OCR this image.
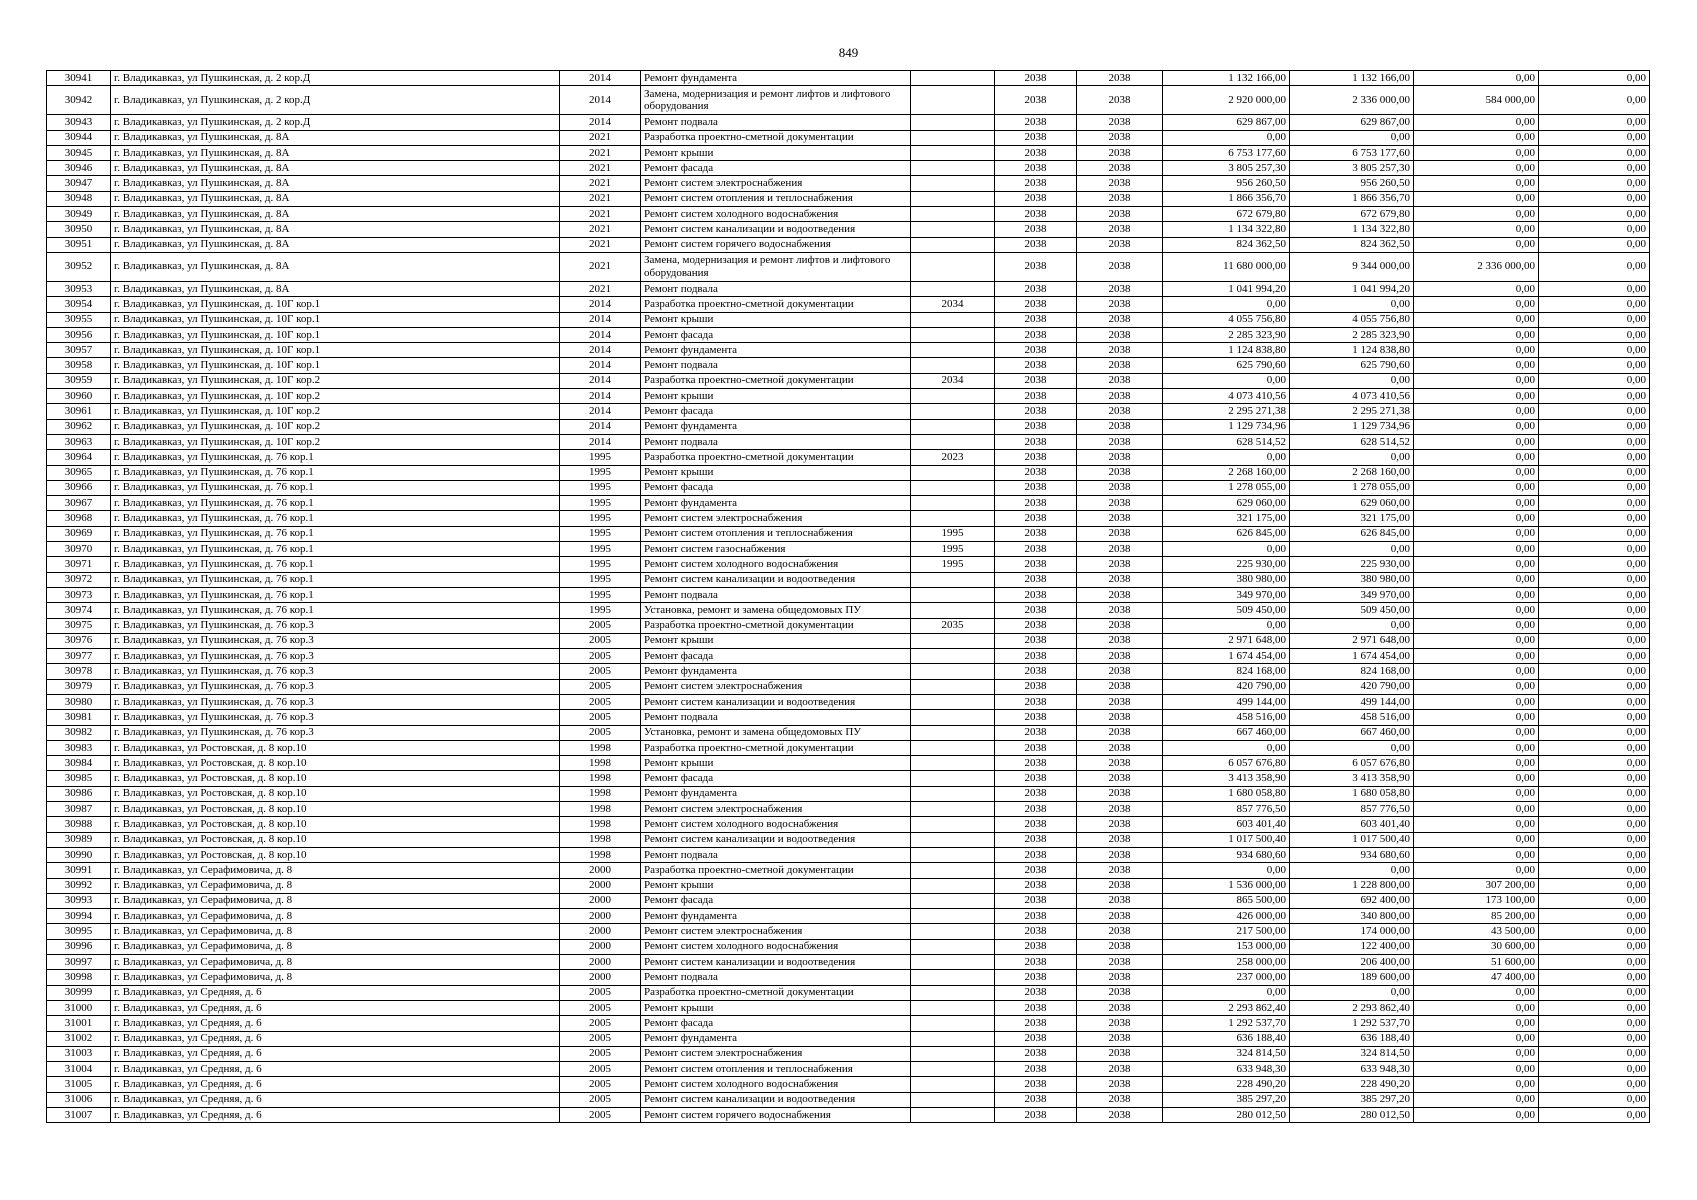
849
30941	г. Владикавказ, ул Пушкинская, д. 2 кор.Д	2014	Ремонт фундамента		2038	2038	1 132 166,00	1 132 166,00	0,00	0,00
30942	г. Владикавказ, ул Пушкинская, д. 2 кор.Д	2014	Замена, модернизация и ремонт лифтов и лифтового оборудования		2038	2038	2 920 000,00	2 336 000,00	584 000,00	0,00
30943	г. Владикавказ, ул Пушкинская, д. 2 кор.Д	2014	Ремонт подвала		2038	2038	629 867,00	629 867,00	0,00	0,00
30944	г. Владикавказ, ул Пушкинская, д. 8А	2021	Разработка проектно-сметной документации		2038	2038	0,00	0,00	0,00	0,00
30945	г. Владикавказ, ул Пушкинская, д. 8А	2021	Ремонт крыши		2038	2038	6 753 177,60	6 753 177,60	0,00	0,00
30946	г. Владикавказ, ул Пушкинская, д. 8А	2021	Ремонт фасада		2038	2038	3 805 257,30	3 805 257,30	0,00	0,00
30947	г. Владикавказ, ул Пушкинская, д. 8А	2021	Ремонт систем электроснабжения		2038	2038	956 260,50	956 260,50	0,00	0,00
30948	г. Владикавказ, ул Пушкинская, д. 8А	2021	Ремонт систем отопления и теплоснабжения		2038	2038	1 866 356,70	1 866 356,70	0,00	0,00
30949	г. Владикавказ, ул Пушкинская, д. 8А	2021	Ремонт систем холодного водоснабжения		2038	2038	672 679,80	672 679,80	0,00	0,00
30950	г. Владикавказ, ул Пушкинская, д. 8А	2021	Ремонт систем канализации и водоотведения		2038	2038	1 134 322,80	1 134 322,80	0,00	0,00
30951	г. Владикавказ, ул Пушкинская, д. 8А	2021	Ремонт систем горячего водоснабжения		2038	2038	824 362,50	824 362,50	0,00	0,00
30952	г. Владикавказ, ул Пушкинская, д. 8А	2021	Замена, модернизация и ремонт лифтов и лифтового оборудования		2038	2038	11 680 000,00	9 344 000,00	2 336 000,00	0,00
30953	г. Владикавказ, ул Пушкинская, д. 8А	2021	Ремонт подвала		2038	2038	1 041 994,20	1 041 994,20	0,00	0,00
30954	г. Владикавказ, ул Пушкинская, д. 10Г кор.1	2014	Разработка проектно-сметной документации	2034	2038	2038	0,00	0,00	0,00	0,00
30955	г. Владикавказ, ул Пушкинская, д. 10Г кор.1	2014	Ремонт крыши		2038	2038	4 055 756,80	4 055 756,80	0,00	0,00
30956	г. Владикавказ, ул Пушкинская, д. 10Г кор.1	2014	Ремонт фасада		2038	2038	2 285 323,90	2 285 323,90	0,00	0,00
30957	г. Владикавказ, ул Пушкинская, д. 10Г кор.1	2014	Ремонт фундамента		2038	2038	1 124 838,80	1 124 838,80	0,00	0,00
30958	г. Владикавказ, ул Пушкинская, д. 10Г кор.1	2014	Ремонт подвала		2038	2038	625 790,60	625 790,60	0,00	0,00
30959	г. Владикавказ, ул Пушкинская, д. 10Г кор.2	2014	Разработка проектно-сметной документации	2034	2038	2038	0,00	0,00	0,00	0,00
30960	г. Владикавказ, ул Пушкинская, д. 10Г кор.2	2014	Ремонт крыши		2038	2038	4 073 410,56	4 073 410,56	0,00	0,00
30961	г. Владикавказ, ул Пушкинская, д. 10Г кор.2	2014	Ремонт фасада		2038	2038	2 295 271,38	2 295 271,38	0,00	0,00
30962	г. Владикавказ, ул Пушкинская, д. 10Г кор.2	2014	Ремонт фундамента		2038	2038	1 129 734,96	1 129 734,96	0,00	0,00
30963	г. Владикавказ, ул Пушкинская, д. 10Г кор.2	2014	Ремонт подвала		2038	2038	628 514,52	628 514,52	0,00	0,00
30964	г. Владикавказ, ул Пушкинская, д. 76 кор.1	1995	Разработка проектно-сметной документации	2023	2038	2038	0,00	0,00	0,00	0,00
30965	г. Владикавказ, ул Пушкинская, д. 76 кор.1	1995	Ремонт крыши		2038	2038	2 268 160,00	2 268 160,00	0,00	0,00
30966	г. Владикавказ, ул Пушкинская, д. 76 кор.1	1995	Ремонт фасада		2038	2038	1 278 055,00	1 278 055,00	0,00	0,00
30967	г. Владикавказ, ул Пушкинская, д. 76 кор.1	1995	Ремонт фундамента		2038	2038	629 060,00	629 060,00	0,00	0,00
30968	г. Владикавказ, ул Пушкинская, д. 76 кор.1	1995	Ремонт систем электроснабжения		2038	2038	321 175,00	321 175,00	0,00	0,00
30969	г. Владикавказ, ул Пушкинская, д. 76 кор.1	1995	Ремонт систем отопления и теплоснабжения	1995	2038	2038	626 845,00	626 845,00	0,00	0,00
30970	г. Владикавказ, ул Пушкинская, д. 76 кор.1	1995	Ремонт систем газоснабжения	1995	2038	2038	0,00	0,00	0,00	0,00
30971	г. Владикавказ, ул Пушкинская, д. 76 кор.1	1995	Ремонт систем холодного водоснабжения	1995	2038	2038	225 930,00	225 930,00	0,00	0,00
30972	г. Владикавказ, ул Пушкинская, д. 76 кор.1	1995	Ремонт систем канализации и водоотведения		2038	2038	380 980,00	380 980,00	0,00	0,00
30973	г. Владикавказ, ул Пушкинская, д. 76 кор.1	1995	Ремонт подвала		2038	2038	349 970,00	349 970,00	0,00	0,00
30974	г. Владикавказ, ул Пушкинская, д. 76 кор.1	1995	Установка, ремонт и замена общедомовых ПУ		2038	2038	509 450,00	509 450,00	0,00	0,00
30975	г. Владикавказ, ул Пушкинская, д. 76 кор.3	2005	Разработка проектно-сметной документации	2035	2038	2038	0,00	0,00	0,00	0,00
30976	г. Владикавказ, ул Пушкинская, д. 76 кор.3	2005	Ремонт крыши		2038	2038	2 971 648,00	2 971 648,00	0,00	0,00
30977	г. Владикавказ, ул Пушкинская, д. 76 кор.3	2005	Ремонт фасада		2038	2038	1 674 454,00	1 674 454,00	0,00	0,00
30978	г. Владикавказ, ул Пушкинская, д. 76 кор.3	2005	Ремонт фундамента		2038	2038	824 168,00	824 168,00	0,00	0,00
30979	г. Владикавказ, ул Пушкинская, д. 76 кор.3	2005	Ремонт систем электроснабжения		2038	2038	420 790,00	420 790,00	0,00	0,00
30980	г. Владикавказ, ул Пушкинская, д. 76 кор.3	2005	Ремонт систем канализации и водоотведения		2038	2038	499 144,00	499 144,00	0,00	0,00
30981	г. Владикавказ, ул Пушкинская, д. 76 кор.3	2005	Ремонт подвала		2038	2038	458 516,00	458 516,00	0,00	0,00
30982	г. Владикавказ, ул Пушкинская, д. 76 кор.3	2005	Установка, ремонт и замена общедомовых ПУ		2038	2038	667 460,00	667 460,00	0,00	0,00
30983	г. Владикавказ, ул Ростовская, д. 8 кор.10	1998	Разработка проектно-сметной документации		2038	2038	0,00	0,00	0,00	0,00
30984	г. Владикавказ, ул Ростовская, д. 8 кор.10	1998	Ремонт крыши		2038	2038	6 057 676,80	6 057 676,80	0,00	0,00
30985	г. Владикавказ, ул Ростовская, д. 8 кор.10	1998	Ремонт фасада		2038	2038	3 413 358,90	3 413 358,90	0,00	0,00
30986	г. Владикавказ, ул Ростовская, д. 8 кор.10	1998	Ремонт фундамента		2038	2038	1 680 058,80	1 680 058,80	0,00	0,00
30987	г. Владикавказ, ул Ростовская, д. 8 кор.10	1998	Ремонт систем электроснабжения		2038	2038	857 776,50	857 776,50	0,00	0,00
30988	г. Владикавказ, ул Ростовская, д. 8 кор.10	1998	Ремонт систем холодного водоснабжения		2038	2038	603 401,40	603 401,40	0,00	0,00
30989	г. Владикавказ, ул Ростовская, д. 8 кор.10	1998	Ремонт систем канализации и водоотведения		2038	2038	1 017 500,40	1 017 500,40	0,00	0,00
30990	г. Владикавказ, ул Ростовская, д. 8 кор.10	1998	Ремонт подвала		2038	2038	934 680,60	934 680,60	0,00	0,00
30991	г. Владикавказ, ул Серафимовича, д. 8	2000	Разработка проектно-сметной документации		2038	2038	0,00	0,00	0,00	0,00
30992	г. Владикавказ, ул Серафимовича, д. 8	2000	Ремонт крыши		2038	2038	1 536 000,00	1 228 800,00	307 200,00	0,00
30993	г. Владикавказ, ул Серафимовича, д. 8	2000	Ремонт фасада		2038	2038	865 500,00	692 400,00	173 100,00	0,00
30994	г. Владикавказ, ул Серафимовича, д. 8	2000	Ремонт фундамента		2038	2038	426 000,00	340 800,00	85 200,00	0,00
30995	г. Владикавказ, ул Серафимовича, д. 8	2000	Ремонт систем электроснабжения		2038	2038	217 500,00	174 000,00	43 500,00	0,00
30996	г. Владикавказ, ул Серафимовича, д. 8	2000	Ремонт систем холодного водоснабжения		2038	2038	153 000,00	122 400,00	30 600,00	0,00
30997	г. Владикавказ, ул Серафимовича, д. 8	2000	Ремонт систем канализации и водоотведения		2038	2038	258 000,00	206 400,00	51 600,00	0,00
30998	г. Владикавказ, ул Серафимовича, д. 8	2000	Ремонт подвала		2038	2038	237 000,00	189 600,00	47 400,00	0,00
30999	г. Владикавказ, ул Средняя, д. 6	2005	Разработка проектно-сметной документации		2038	2038	0,00	0,00	0,00	0,00
31000	г. Владикавказ, ул Средняя, д. 6	2005	Ремонт крыши		2038	2038	2 293 862,40	2 293 862,40	0,00	0,00
31001	г. Владикавказ, ул Средняя, д. 6	2005	Ремонт фасада		2038	2038	1 292 537,70	1 292 537,70	0,00	0,00
31002	г. Владикавказ, ул Средняя, д. 6	2005	Ремонт фундамента		2038	2038	636 188,40	636 188,40	0,00	0,00
31003	г. Владикавказ, ул Средняя, д. 6	2005	Ремонт систем электроснабжения		2038	2038	324 814,50	324 814,50	0,00	0,00
31004	г. Владикавказ, ул Средняя, д. 6	2005	Ремонт систем отопления и теплоснабжения		2038	2038	633 948,30	633 948,30	0,00	0,00
31005	г. Владикавказ, ул Средняя, д. 6	2005	Ремонт систем холодного водоснабжения		2038	2038	228 490,20	228 490,20	0,00	0,00
31006	г. Владикавказ, ул Средняя, д. 6	2005	Ремонт систем канализации и водоотведения		2038	2038	385 297,20	385 297,20	0,00	0,00
31007	г. Владикавказ, ул Средняя, д. 6	2005	Ремонт систем горячего водоснабжения		2038	2038	280 012,50	280 012,50	0,00	0,00
